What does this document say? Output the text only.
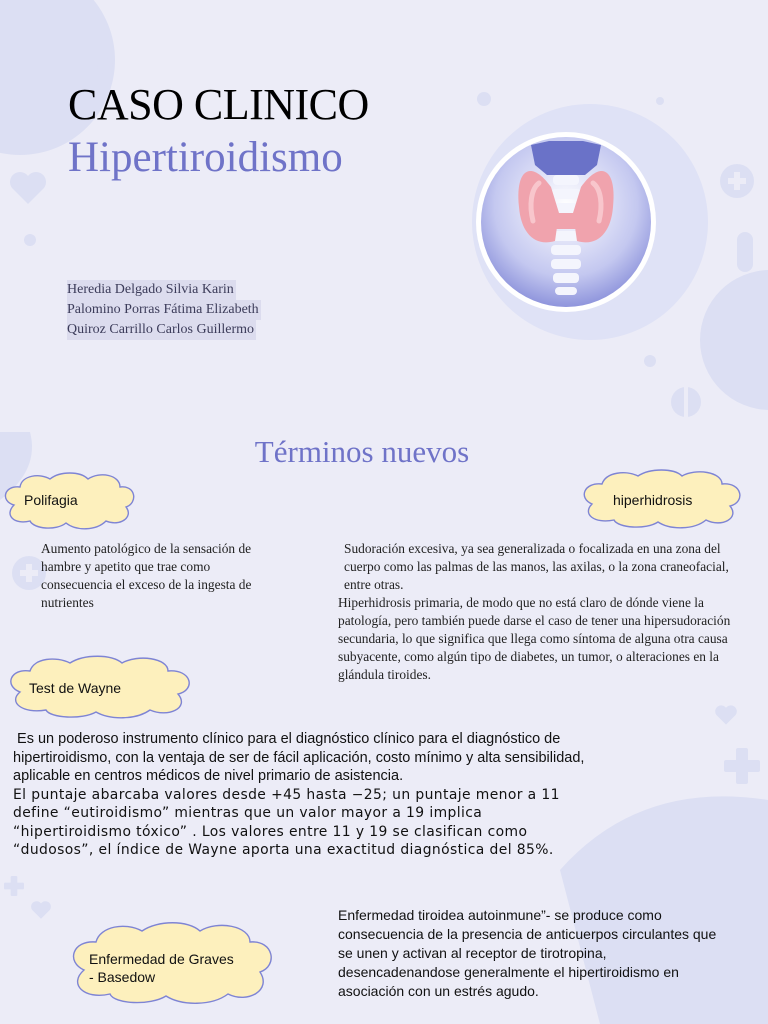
CASO CLINICO
Hipertiroidismo
Heredia Delgado Silvia Karin
Palomino Porras Fátima Elizabeth
Quiroz Carrillo Carlos Guillermo
Términos nuevos
Polifagia	hiperhidrosis
Test de Wayne
Enfermedad de Graves
- Basedow
Aumento patológico de la sensación de hambre y apetito que trae como consecuencia el exceso de la ingesta de nutrientes
Sudoración excesiva, ya sea generalizada o focalizada en una zona del cuerpo como las palmas de las manos, las axilas, o la zona craneofacial, entre otras.
Hiperhidrosis primaria, de modo que no está claro de dónde viene la patología, pero también puede darse el caso de tener una hipersudoración secundaria, lo que significa que llega como síntoma de alguna otra causa subyacente, como algún tipo de diabetes, un tumor, o alteraciones en la glándula tiroides.
Es un poderoso instrumento clínico para el diagnóstico clínico para el diagnóstico de hipertiroidismo, con la ventaja de ser de fácil aplicación, costo mínimo y alta sensibilidad, aplicable en centros médicos de nivel primario de asistencia.
El puntaje abarcaba valores desde +45 hasta −25; un puntaje menor a 11 define “eutiroidismo” mientras que un valor mayor a 19 implica “hipertiroidismo tóxico” . Los valores entre 11 y 19 se clasifican como “dudosos”, el índice de Wayne aporta una exactitud diagnóstica del 85%.
Enfermedad tiroidea autoinmune”- se produce como consecuencia de la presencia de anticuerpos circulantes que se unen y activan al receptor de tirotropina, desencadenandose generalmente el hipertiroidismo en asociación con un estrés agudo.
